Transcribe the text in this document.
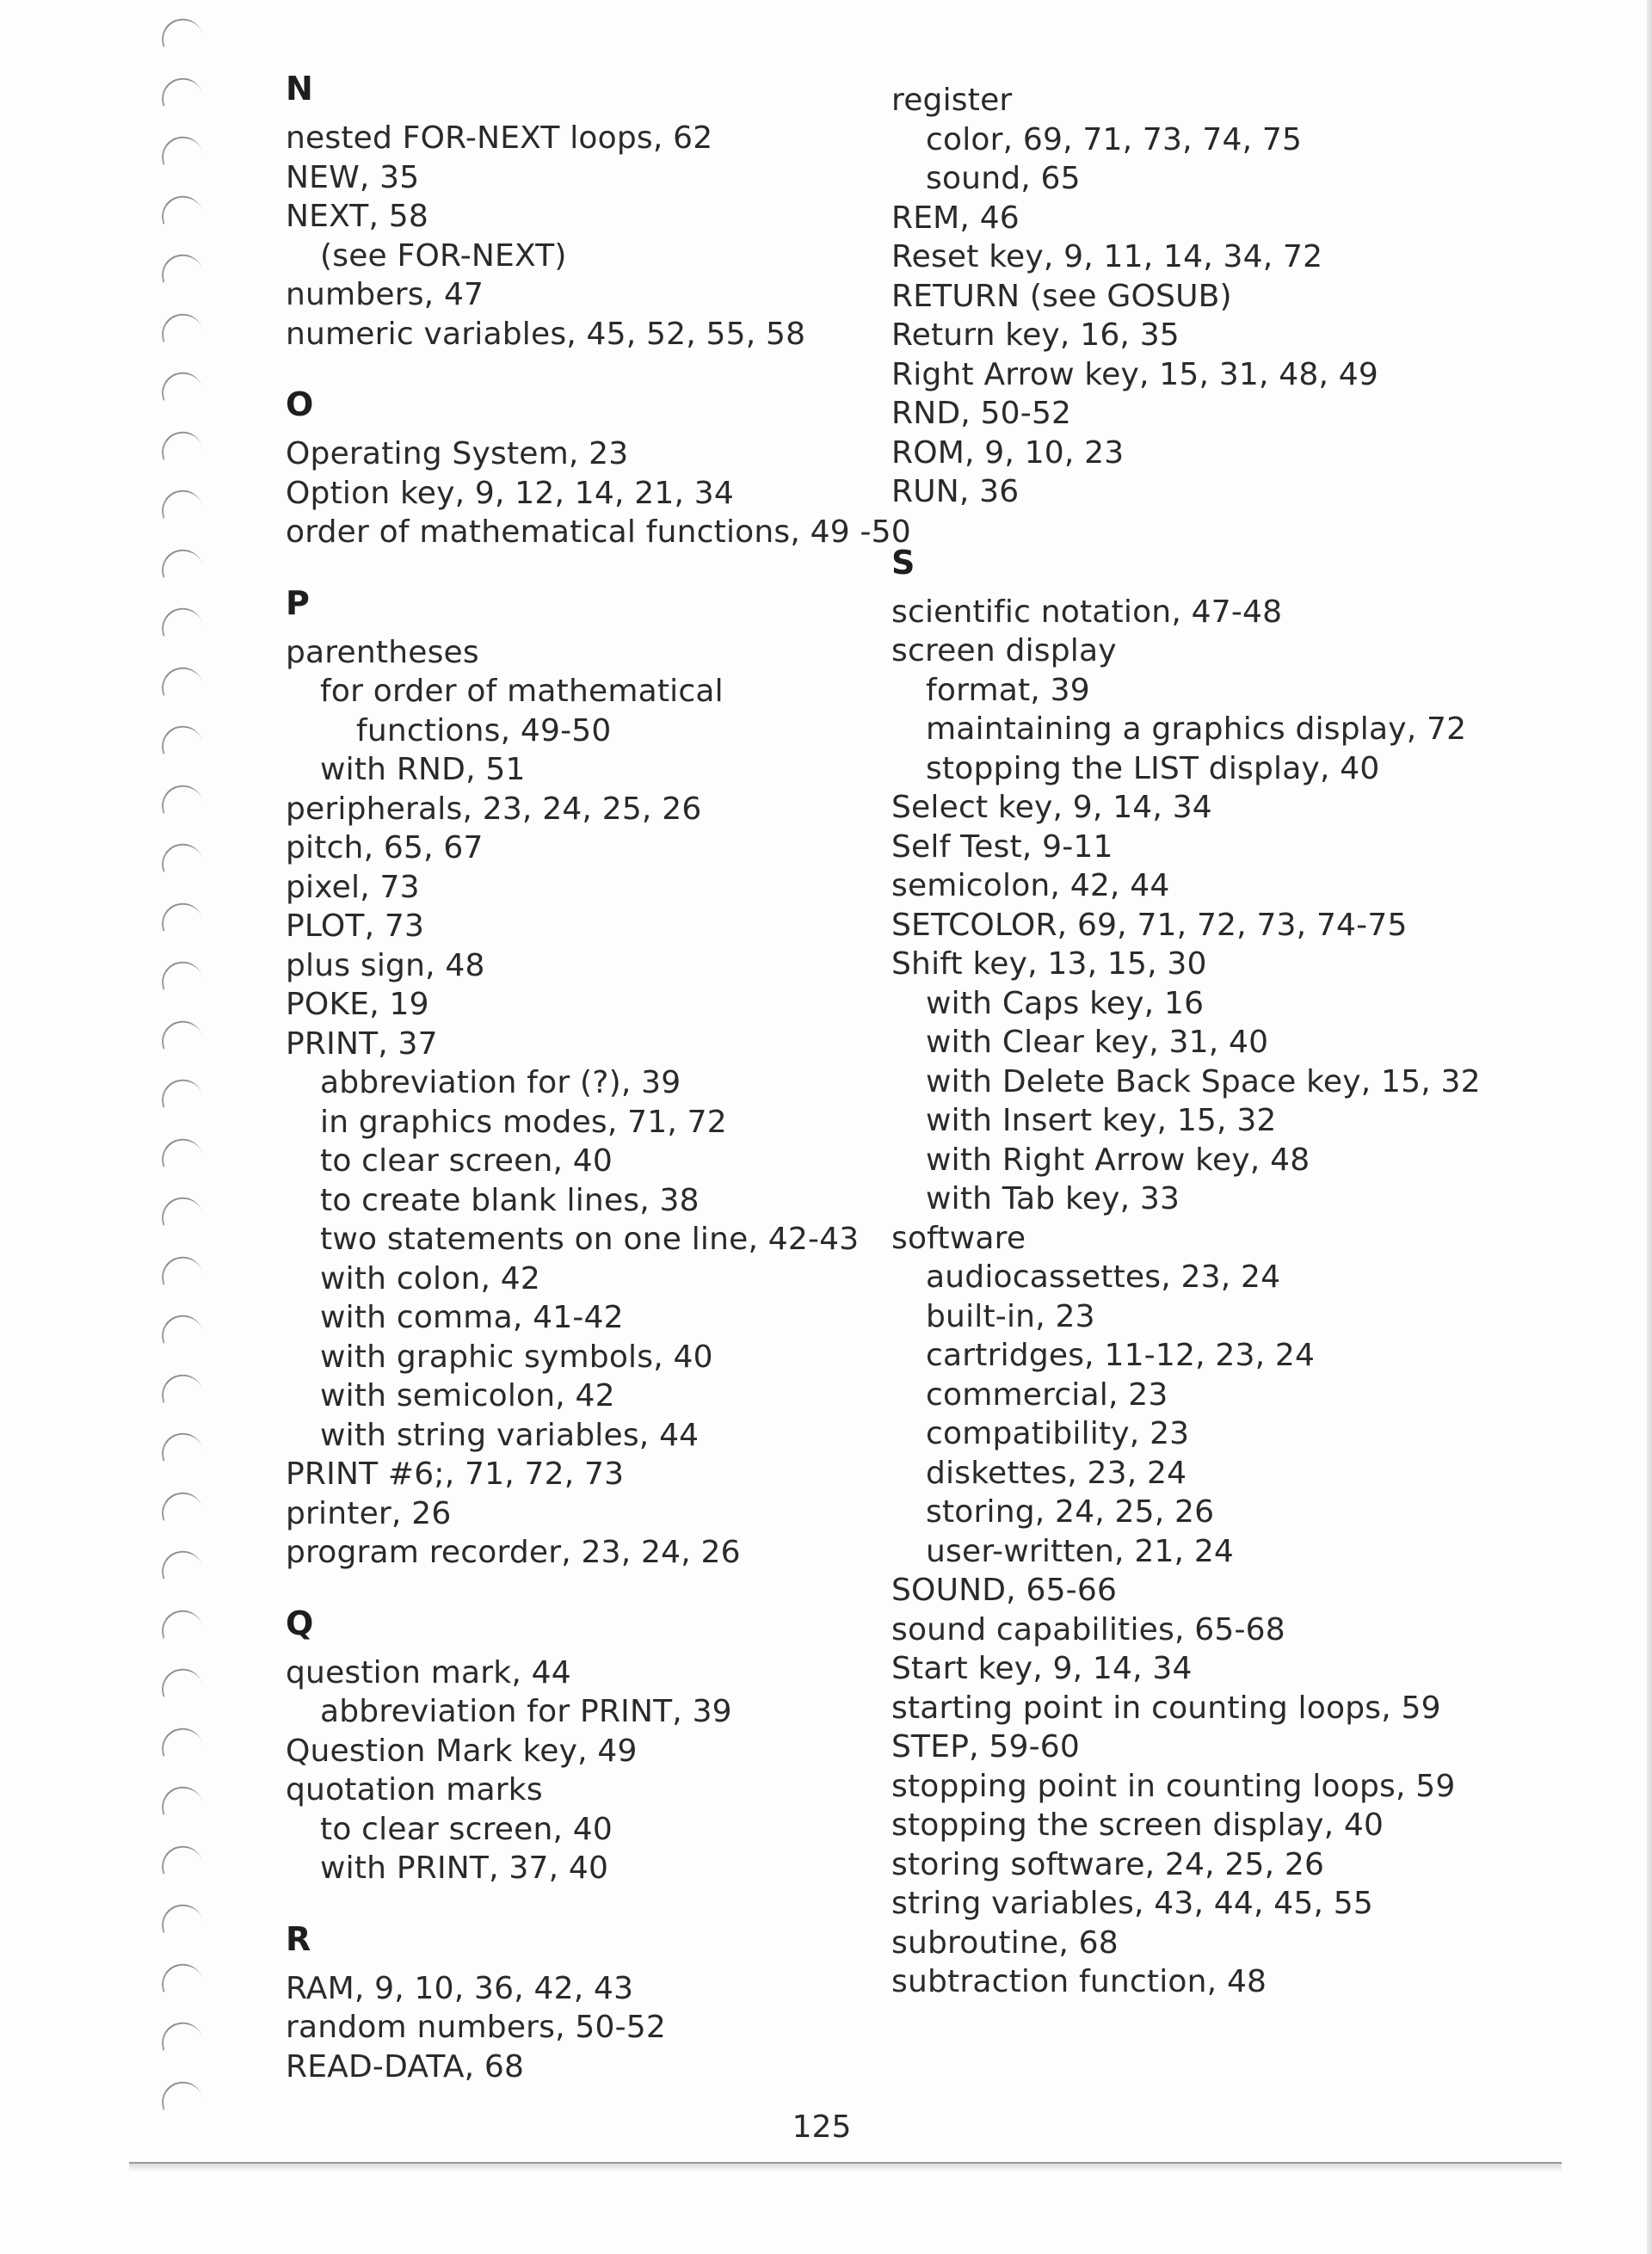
N
nested FOR-NEXT loops, 62
NEW, 35
NEXT, 58
(see FOR-NEXT)
numbers, 47
numeric variables, 45, 52, 55, 58
O
Operating System, 23
Option key, 9, 12, 14, 21, 34
order of mathematical functions, 49 -50
P
parentheses
for order of mathematical
functions, 49-50
with RND, 51
peripherals, 23, 24, 25, 26
pitch, 65, 67
pixel, 73
PLOT, 73
plus sign, 48
POKE, 19
PRINT, 37
abbreviation for (?), 39
in graphics modes, 71, 72
to clear screen, 40
to create blank lines, 38
two statements on one line, 42-43
with colon, 42
with comma, 41-42
with graphic symbols, 40
with semicolon, 42
with string variables, 44
PRINT #6;, 71, 72, 73
printer, 26
program recorder, 23, 24, 26
Q
question mark, 44
abbreviation for PRINT, 39
Question Mark key, 49
quotation marks
to clear screen, 40
with PRINT, 37, 40
R
RAM, 9, 10, 36, 42, 43
random numbers, 50-52
READ-DATA, 68
register
color, 69, 71, 73, 74, 75
sound, 65
REM, 46
Reset key, 9, 11, 14, 34, 72
RETURN (see GOSUB)
Return key, 16, 35
Right Arrow key, 15, 31, 48, 49
RND, 50-52
ROM, 9, 10, 23
RUN, 36
S
scientific notation, 47-48
screen display
format, 39
maintaining a graphics display, 72
stopping the LIST display, 40
Select key, 9, 14, 34
Self Test, 9-11
semicolon, 42, 44
SETCOLOR, 69, 71, 72, 73, 74-75
Shift key, 13, 15, 30
with Caps key, 16
with Clear key, 31, 40
with Delete Back Space key, 15, 32
with Insert key, 15, 32
with Right Arrow key, 48
with Tab key, 33
software
audiocassettes, 23, 24
built-in, 23
cartridges, 11-12, 23, 24
commercial, 23
compatibility, 23
diskettes, 23, 24
storing, 24, 25, 26
user-written, 21, 24
SOUND, 65-66
sound capabilities, 65-68
Start key, 9, 14, 34
starting point in counting loops, 59
STEP, 59-60
stopping point in counting loops, 59
stopping the screen display, 40
storing software, 24, 25, 26
string variables, 43, 44, 45, 55
subroutine, 68
subtraction function, 48
125
